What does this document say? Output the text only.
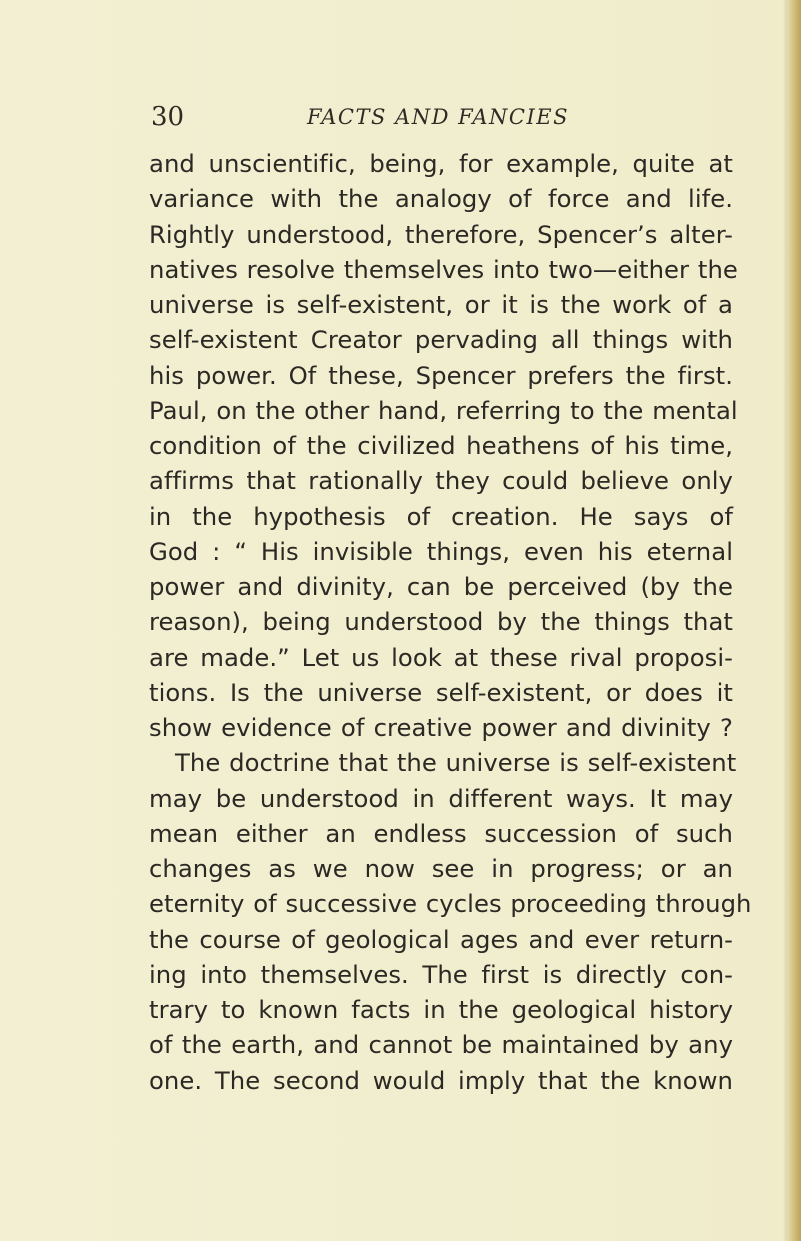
30	FACTS AND FANCIES
and unscientific, being, for example, quite at
variance with the analogy of force and life.
Rightly understood, therefore, Spencer’s alter-
natives resolve themselves into two—either the
universe is self-existent, or it is the work of a
self-existent Creator pervading all things with
his power. Of these, Spencer prefers the first.
Paul, on the other hand, referring to the mental
condition of the civilized heathens of his time,
affirms that rationally they could believe only
in the hypothesis of creation. He says of
God : “ His invisible things, even his eternal
power and divinity, can be perceived (by the
reason), being understood by the things that
are made.” Let us look at these rival proposi-
tions. Is the universe self-existent, or does it
show evidence of creative power and divinity ?
The doctrine that the universe is self-existent
may be understood in different ways. It may
mean either an endless succession of such
changes as we now see in progress; or an
eternity of successive cycles proceeding through
the course of geological ages and ever return-
ing into themselves. The first is directly con-
trary to known facts in the geological history
of the earth, and cannot be maintained by any
one. The second would imply that the known
